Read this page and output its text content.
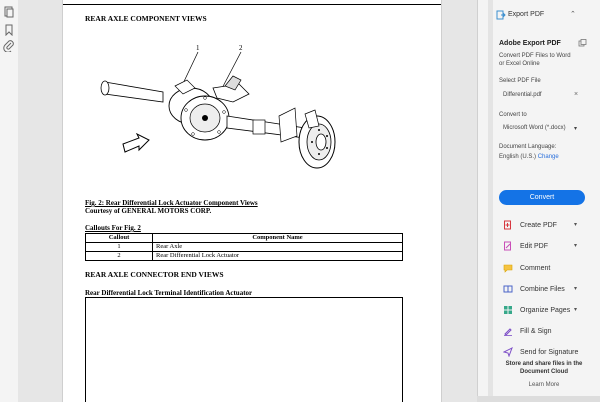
REAR AXLE COMPONENT VIEWS
1	2
Fig. 2: Rear Differential Lock Actuator Component Views
Courtesy of GENERAL MOTORS CORP.
Callouts For Fig. 2
Callout	Component Name
1	Rear Axle
2	Rear Differential Lock Actuator
REAR AXLE CONNECTOR END VIEWS
Rear Differential Lock Terminal Identification Actuator
Export PDF	⌃
Adobe Export PDF
Convert PDF Files to Word or Excel Online
Select PDF File
Differential.pdf	×
Convert to
Microsoft Word (*.docx) ▾
Document Language:
English (U.S.) Change
Convert
Create PDF	▾
Edit PDF	▾
Comment
Combine Files ▾
Organize Pages ▾
Fill & Sign
Send for Signature
Store and share files in the Document Cloud
Learn More
